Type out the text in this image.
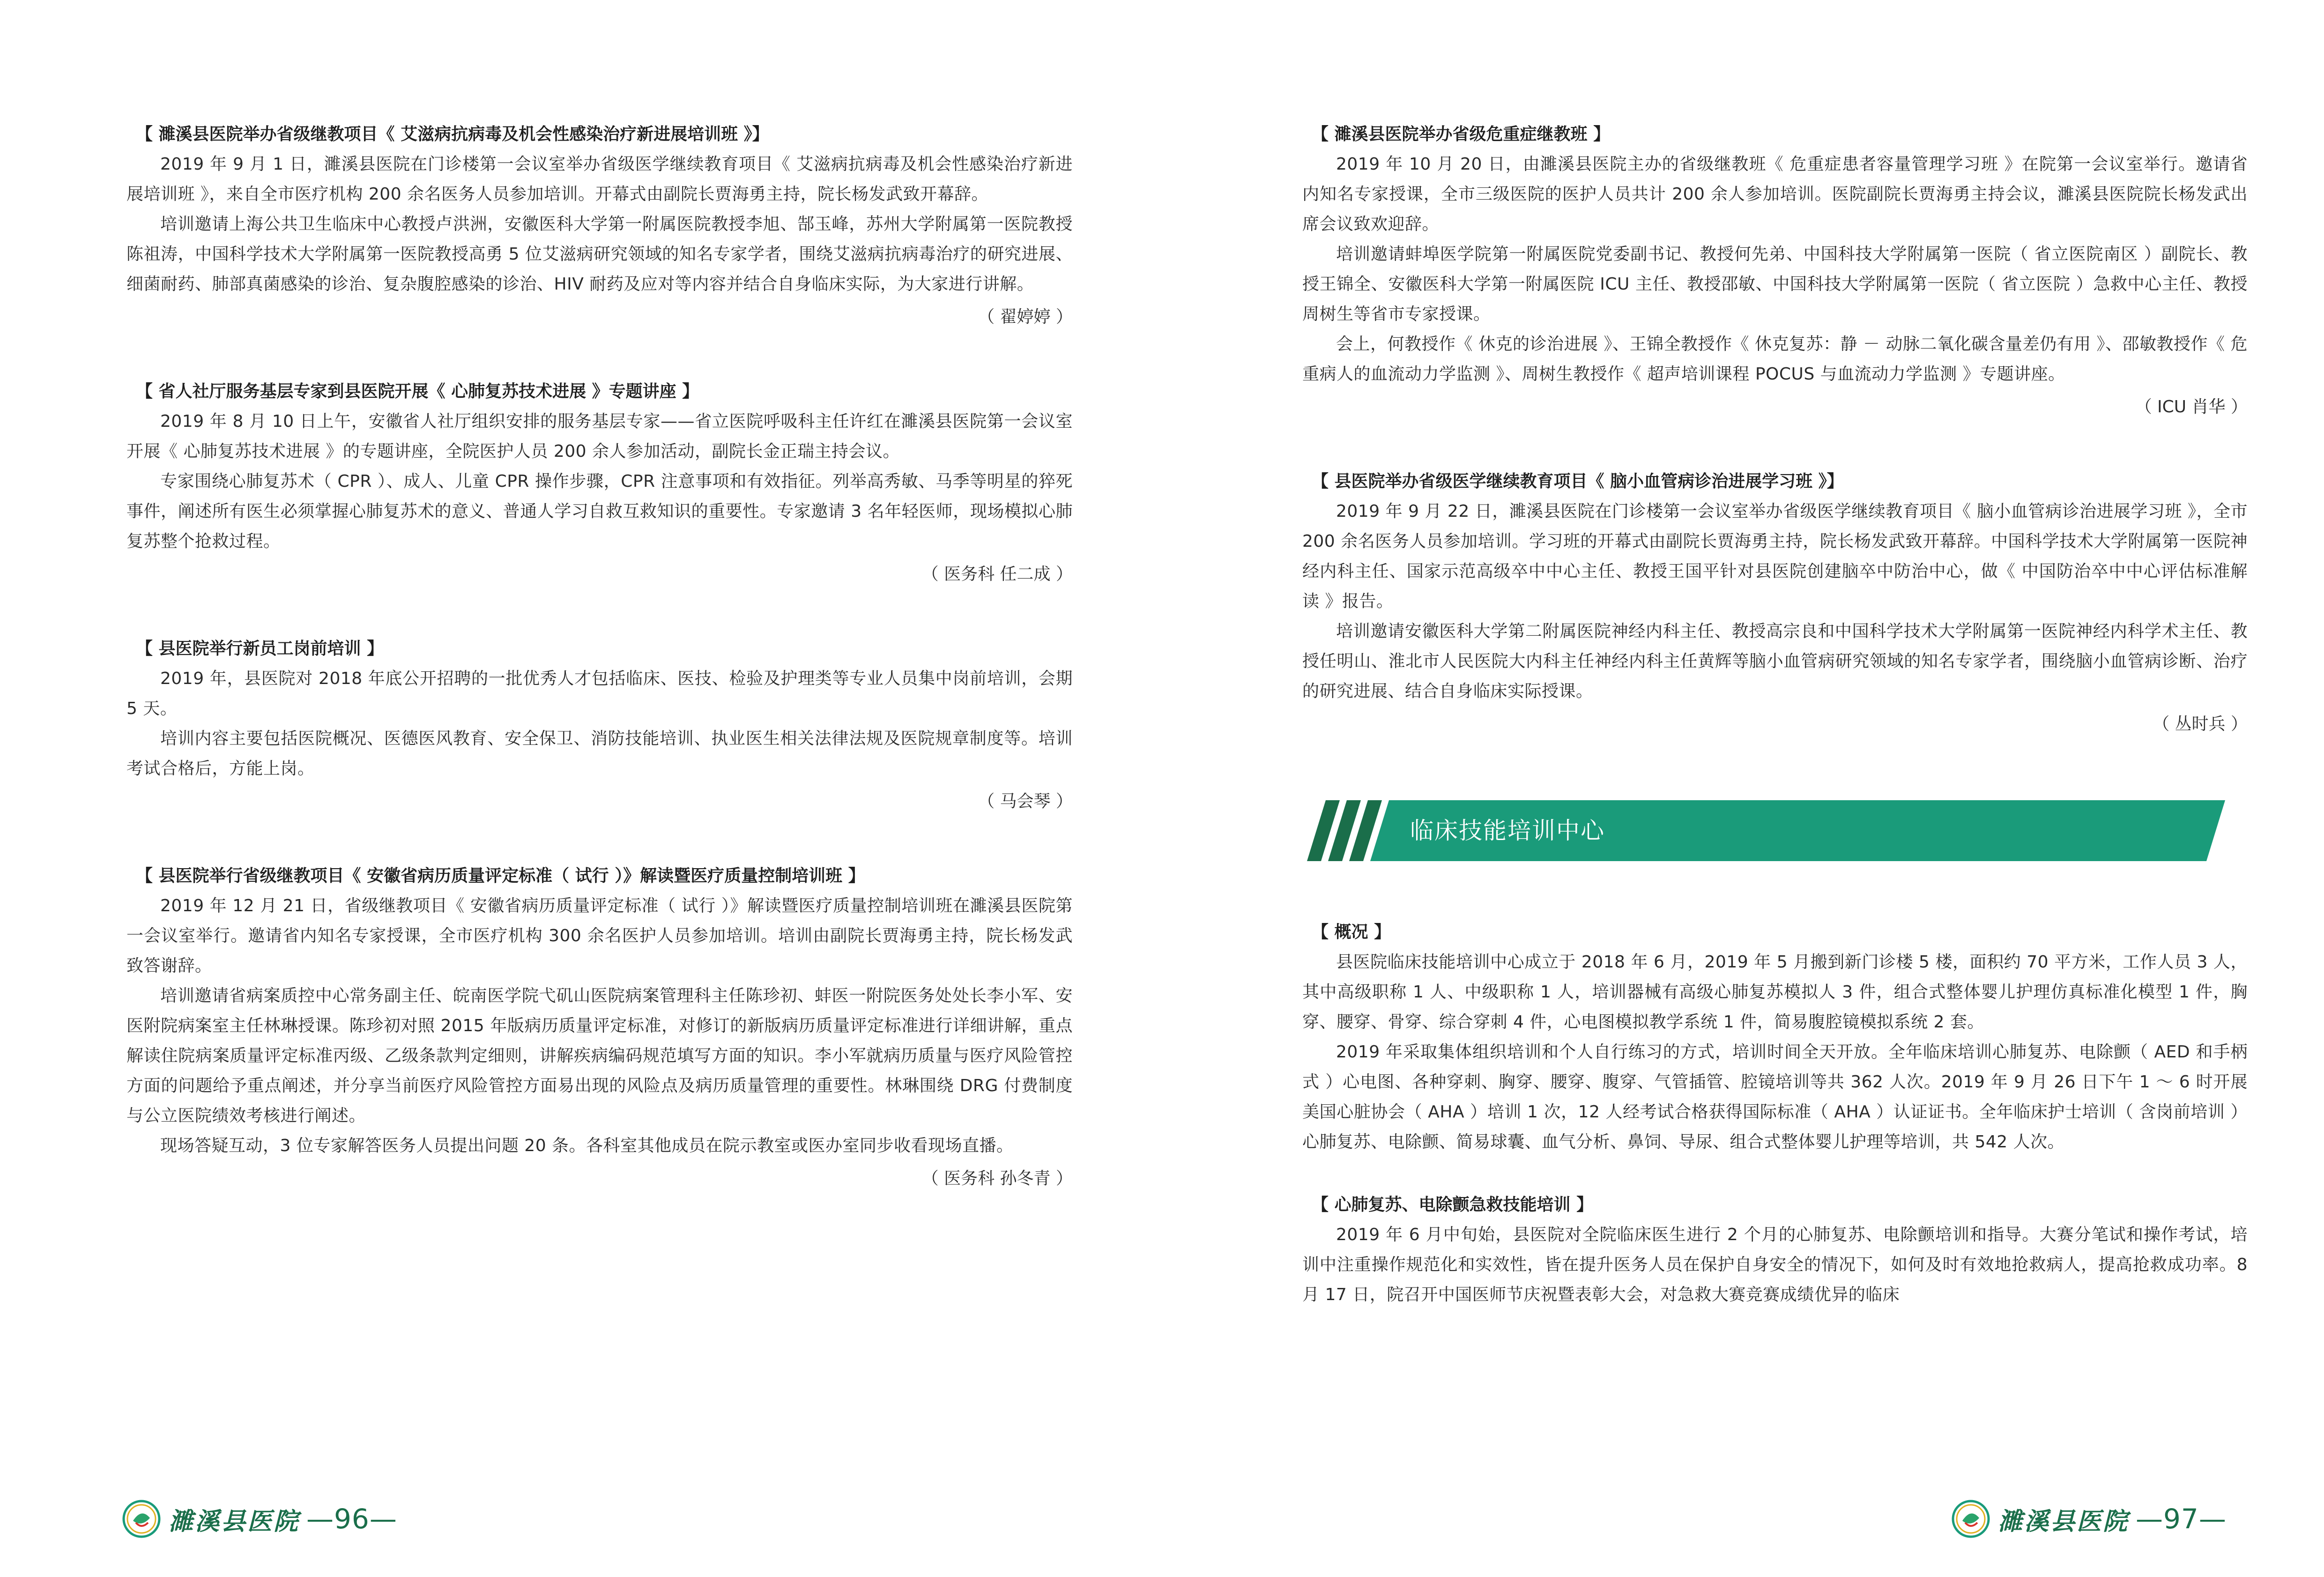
【 濉溪县医院举办省级继教项目《 艾滋病抗病毒及机会性感染治疗新进展培训班 》】

2019 年 9 月 1 日，濉溪县医院在门诊楼第一会议室举办省级医学继续教育项目《 艾滋病抗病毒及机会性感染治疗新进展培训班 》，来自全市医疗机构 200 余名医务人员参加培训。开幕式由副院长贾海勇主持，院长杨发武致开幕辞。

培训邀请上海公共卫生临床中心教授卢洪洲，安徽医科大学第一附属医院教授李旭、郜玉峰，苏州大学附属第一医院教授陈祖涛，中国科学技术大学附属第一医院教授高勇 5 位艾滋病研究领域的知名专家学者，围绕艾滋病抗病毒治疗的研究进展、细菌耐药、肺部真菌感染的诊治、复杂腹腔感染的诊治、HIV 耐药及应对等内容并结合自身临床实际，为大家进行讲解。

（ 翟婷婷 ）
【 省人社厅服务基层专家到县医院开展《 心肺复苏技术进展 》专题讲座 】

2019 年 8 月 10 日上午，安徽省人社厅组织安排的服务基层专家——省立医院呼吸科主任许红在濉溪县医院第一会议室开展《 心肺复苏技术进展 》的专题讲座，全院医护人员 200 余人参加活动，副院长金正瑞主持会议。

专家围绕心肺复苏术（ CPR ）、成人、儿童 CPR 操作步骤，CPR 注意事项和有效指征。列举高秀敏、马季等明星的猝死事件，阐述所有医生必须掌握心肺复苏术的意义、普通人学习自救互救知识的重要性。专家邀请 3 名年轻医师，现场模拟心肺复苏整个抢救过程。

（ 医务科 任二成 ）
【 县医院举行新员工岗前培训 】

2019 年，县医院对 2018 年底公开招聘的一批优秀人才包括临床、医技、检验及护理类等专业人员集中岗前培训，会期 5 天。

培训内容主要包括医院概况、医德医风教育、安全保卫、消防技能培训、执业医生相关法律法规及医院规章制度等。培训考试合格后，方能上岗。

（ 马会琴 ）
【 县医院举行省级继教项目《 安徽省病历质量评定标准（ 试行 ）》解读暨医疗质量控制培训班 】

2019 年 12 月 21 日，省级继教项目《 安徽省病历质量评定标准（ 试行 ）》解读暨医疗质量控制培训班在濉溪县医院第一会议室举行。邀请省内知名专家授课，全市医疗机构 300 余名医护人员参加培训。培训由副院长贾海勇主持，院长杨发武致答谢辞。

培训邀请省病案质控中心常务副主任、皖南医学院弋矶山医院病案管理科主任陈珍初、蚌医一附院医务处处长李小军、安医附院病案室主任林琳授课。陈珍初对照 2015 年版病历质量评定标准，对修订的新版病历质量评定标准进行详细讲解，重点解读住院病案质量评定标准丙级、乙级条款判定细则，讲解疾病编码规范填写方面的知识。李小军就病历质量与医疗风险管控方面的问题给予重点阐述，并分享当前医疗风险管控方面易出现的风险点及病历质量管理的重要性。林琳围绕 DRG 付费制度与公立医院绩效考核进行阐述。

现场答疑互动，3 位专家解答医务人员提出问题 20 条。各科室其他成员在院示教室或医办室同步收看现场直播。

（ 医务科 孙冬青 ）
濉溪县医院 —96—
【 濉溪县医院举办省级危重症继教班 】

2019 年 10 月 20 日，由濉溪县医院主办的省级继教班《 危重症患者容量管理学习班 》在院第一会议室举行。邀请省内知名专家授课，全市三级医院的医护人员共计 200 余人参加培训。医院副院长贾海勇主持会议，濉溪县医院院长杨发武出席会议致欢迎辞。

培训邀请蚌埠医学院第一附属医院党委副书记、教授何先弟、中国科技大学附属第一医院（ 省立医院南区 ）副院长、教授王锦全、安徽医科大学第一附属医院 ICU 主任、教授邵敏、中国科技大学附属第一医院（ 省立医院 ）急救中心主任、教授周树生等省市专家授课。

会上，何教授作《 休克的诊治进展 》、王锦全教授作《 休克复苏：静 － 动脉二氧化碳含量差仍有用 》、邵敏教授作《 危重病人的血流动力学监测 》、周树生教授作《 超声培训课程 POCUS 与血流动力学监测 》专题讲座。

（ ICU 肖华 ）
【 县医院举办省级医学继续教育项目《 脑小血管病诊治进展学习班 》】

2019 年 9 月 22 日，濉溪县医院在门诊楼第一会议室举办省级医学继续教育项目《 脑小血管病诊治进展学习班 》，全市 200 余名医务人员参加培训。学习班的开幕式由副院长贾海勇主持，院长杨发武致开幕辞。中国科学技术大学附属第一医院神经内科主任、国家示范高级卒中中心主任、教授王国平针对县医院创建脑卒中防治中心，做《 中国防治卒中中心评估标准解读 》报告。

培训邀请安徽医科大学第二附属医院神经内科主任、教授高宗良和中国科学技术大学附属第一医院神经内科学术主任、教授任明山、淮北市人民医院大内科主任神经内科主任黄辉等脑小血管病研究领域的知名专家学者，围绕脑小血管病诊断、治疗的研究进展、结合自身临床实际授课。

（ 丛时兵 ）
临床技能培训中心
【 概况 】

县医院临床技能培训中心成立于 2018 年 6 月，2019 年 5 月搬到新门诊楼 5 楼，面积约 70 平方米，工作人员 3 人，其中高级职称 1 人、中级职称 1 人，培训器械有高级心肺复苏模拟人 3 件，组合式整体婴儿护理仿真标准化模型 1 件，胸穿、腰穿、骨穿、综合穿刺 4 件，心电图模拟教学系统 1 件，简易腹腔镜模拟系统 2 套。

2019 年采取集体组织培训和个人自行练习的方式，培训时间全天开放。全年临床培训心肺复苏、电除颤（ AED 和手柄式 ）心电图、各种穿刺、胸穿、腰穿、腹穿、气管插管、腔镜培训等共 362 人次。2019 年 9 月 26 日下午 1 ～ 6 时开展美国心脏协会（ AHA ）培训 1 次，12 人经考试合格获得国际标准（ AHA ）认证证书。全年临床护士培训（ 含岗前培训 ）心肺复苏、电除颤、简易球囊、血气分析、鼻饲、导尿、组合式整体婴儿护理等培训，共 542 人次。

【 心肺复苏、电除颤急救技能培训 】

2019 年 6 月中旬始，县医院对全院临床医生进行 2 个月的心肺复苏、电除颤培训和指导。大赛分笔试和操作考试，培训中注重操作规范化和实效性，皆在提升医务人员在保护自身安全的情况下，如何及时有效地抢救病人，提高抢救成功率。8 月 17 日，院召开中国医师节庆祝暨表彰大会，对急救大赛竞赛成绩优异的临床

濉溪县医院 —97—
